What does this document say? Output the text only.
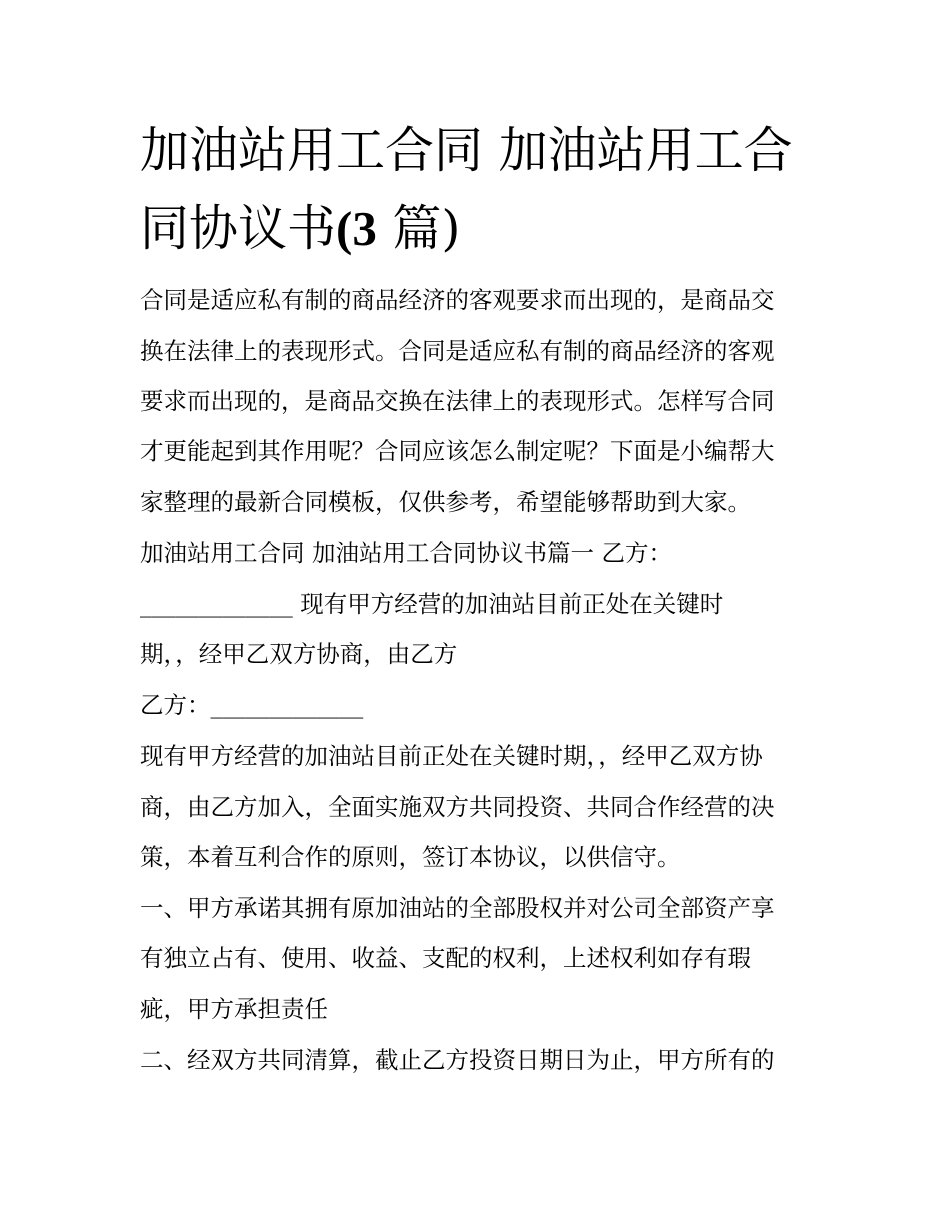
加油站用工合同 加油站用工合
同协议书(3 篇)

合同是适应私有制的商品经济的客观要求而出现的，是商品交

换在法律上的表现形式。合同是适应私有制的商品经济的客观

要求而出现的，是商品交换在法律上的表现形式。怎样写合同

才更能起到其作用呢？合同应该怎么制定呢？下面是小编帮大

家整理的最新合同模板，仅供参考，希望能够帮助到大家。

加油站用工合同 加油站用工合同协议书篇一 乙方：

_____________ 现有甲方经营的加油站目前正处在关键时

期，，经甲乙双方协商，由乙方

乙方：_____________

现有甲方经营的加油站目前正处在关键时期，，经甲乙双方协

商，由乙方加入，全面实施双方共同投资、共同合作经营的决

策，本着互利合作的原则，签订本协议，以供信守。

一、甲方承诺其拥有原加油站的全部股权并对公司全部资产享

有独立占有、使用、收益、支配的权利，上述权利如存有瑕

疵，甲方承担责任

二、经双方共同清算，截止乙方投资日期日为止，甲方所有的
